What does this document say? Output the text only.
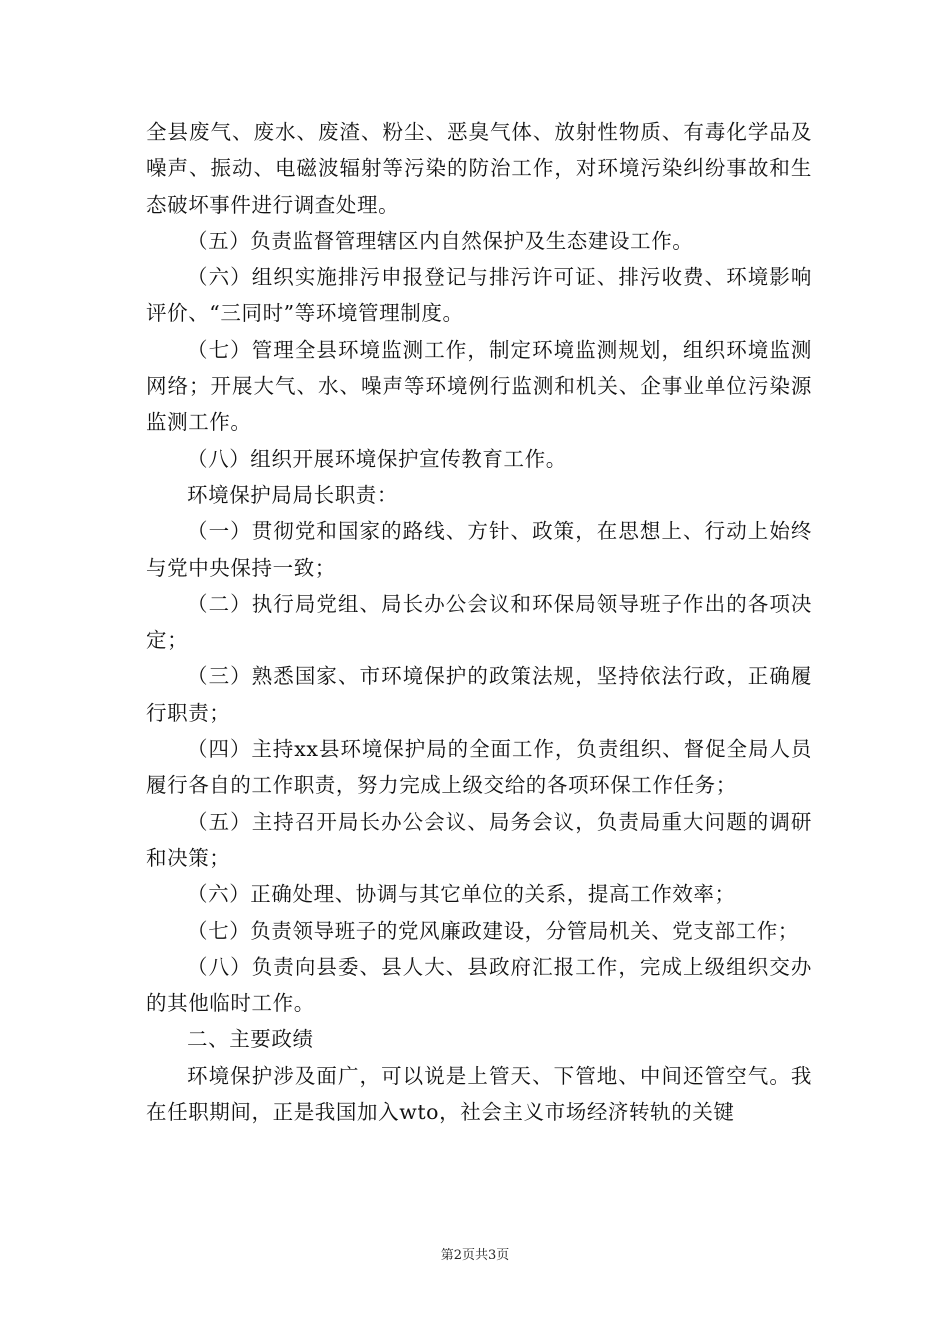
全县废气、废水、废渣、粉尘、恶臭气体、放射性物质、有毒化学品及噪声、振动、电磁波辐射等污染的防治工作，对环境污染纠纷事故和生态破坏事件进行调查处理。

（五）负责监督管理辖区内自然保护及生态建设工作。

（六）组织实施排污申报登记与排污许可证、排污收费、环境影响评价、“三同时”等环境管理制度。

（七）管理全县环境监测工作，制定环境监测规划，组织环境监测网络；开展大气、水、噪声等环境例行监测和机关、企事业单位污染源监测工作。

（八）组织开展环境保护宣传教育工作。

环境保护局局长职责：

（一）贯彻党和国家的路线、方针、政策，在思想上、行动上始终与党中央保持一致；

（二）执行局党组、局长办公会议和环保局领导班子作出的各项决定；

（三）熟悉国家、市环境保护的政策法规，坚持依法行政，正确履行职责；

（四）主持xx县环境保护局的全面工作，负责组织、督促全局人员履行各自的工作职责，努力完成上级交给的各项环保工作任务；

（五）主持召开局长办公会议、局务会议，负责局重大问题的调研和决策；

（六）正确处理、协调与其它单位的关系，提高工作效率；

（七）负责领导班子的党风廉政建设，分管局机关、党支部工作；

（八）负责向县委、县人大、县政府汇报工作，完成上级组织交办的其他临时工作。

二、主要政绩

环境保护涉及面广，可以说是上管天、下管地、中间还管空气。我在任职期间，正是我国加入wto，社会主义市场经济转轨的关键

第2页共3页
